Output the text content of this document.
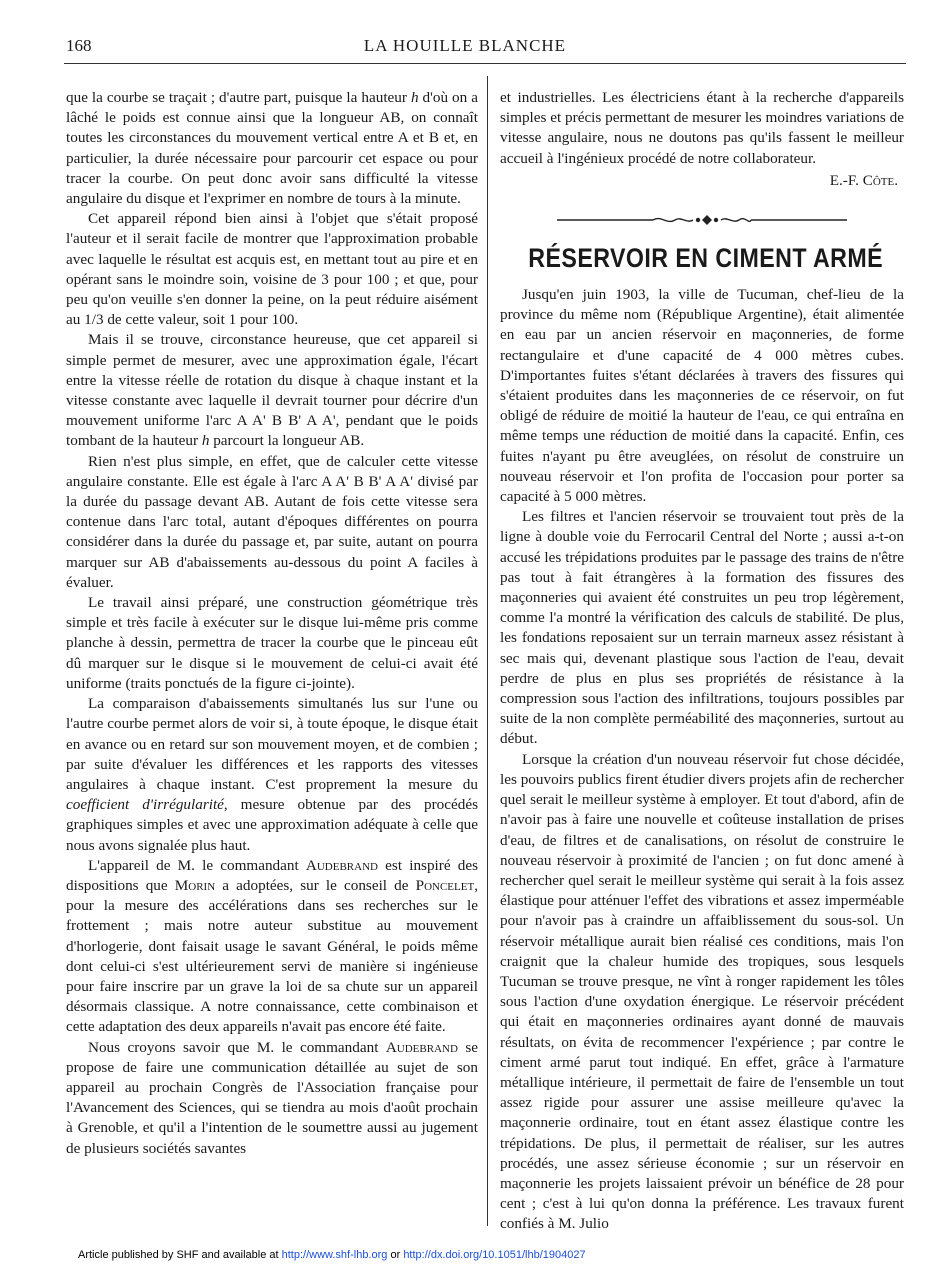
168	LA HOUILLE BLANCHE

que la courbe se traçait ; d'autre part, puisque la hauteur h d'où on a lâché le poids est connue ainsi que la longueur AB, on connaît toutes les circonstances du mouvement vertical entre A et B et, en particulier, la durée nécessaire pour parcourir cet espace ou pour tracer la courbe. On peut donc avoir sans difficulté la vitesse angulaire du disque et l'exprimer en nombre de tours à la minute.

Cet appareil répond bien ainsi à l'objet que s'était proposé l'auteur et il serait facile de montrer que l'approximation probable avec laquelle le résultat est acquis est, en mettant tout au pire et en opérant sans le moindre soin, voisine de 3 pour 100 ; et que, pour peu qu'on veuille s'en donner la peine, on la peut réduire aisément au 1/3 de cette valeur, soit 1 pour 100.

Mais il se trouve, circonstance heureuse, que cet appareil si simple permet de mesurer, avec une approximation égale, l'écart entre la vitesse réelle de rotation du disque à chaque instant et la vitesse constante avec laquelle il devrait tourner pour décrire d'un mouvement uniforme l'arc A A' B B' A A', pendant que le poids tombant de la hauteur h parcourt la longueur AB.

Rien n'est plus simple, en effet, que de calculer cette vitesse angulaire constante. Elle est égale à l'arc A A' B B' A A' divisé par la durée du passage devant AB. Autant de fois cette vitesse sera contenue dans l'arc total, autant d'époques différentes on pourra considérer dans la durée du passage et, par suite, autant on pourra marquer sur AB d'abaissements au-dessous du point A faciles à évaluer.

Le travail ainsi préparé, une construction géométrique très simple et très facile à exécuter sur le disque lui-même pris comme planche à dessin, permettra de tracer la courbe que le pinceau eût dû marquer sur le disque si le mouvement de celui-ci avait été uniforme (traits ponctués de la figure ci-jointe).

La comparaison d'abaissements simultanés lus sur l'une ou l'autre courbe permet alors de voir si, à toute époque, le disque était en avance ou en retard sur son mouvement moyen, et de combien ; par suite d'évaluer les différences et les rapports des vitesses angulaires à chaque instant. C'est proprement la mesure du coefficient d'irrégularité, mesure obtenue par des procédés graphiques simples et avec une approximation adéquate à celle que nous avons signalée plus haut.

L'appareil de M. le commandant Audebrand est inspiré des dispositions que Morin a adoptées, sur le conseil de Poncelet, pour la mesure des accélérations dans ses recherches sur le frottement ; mais notre auteur substitue au mouvement d'horlogerie, dont faisait usage le savant Général, le poids même dont celui-ci s'est ultérieurement servi de manière si ingénieuse pour faire inscrire par un grave la loi de sa chute sur un appareil désormais classique. A notre connaissance, cette combinaison et cette adaptation des deux appareils n'avait pas encore été faite.

Nous croyons savoir que M. le commandant Audebrand se propose de faire une communication détaillée au sujet de son appareil au prochain Congrès de l'Association française pour l'Avancement des Sciences, qui se tiendra au mois d'août prochain à Grenoble, et qu'il a l'intention de le soumettre aussi au jugement de plusieurs sociétés savantes

et industrielles. Les électriciens étant à la recherche d'appareils simples et précis permettant de mesurer les moindres variations de vitesse angulaire, nous ne doutons pas qu'ils fassent le meilleur accueil à l'ingénieux procédé de notre collaborateur.

E.-F. Côte.
RÉSERVOIR EN CIMENT ARMÉ

Jusqu'en juin 1903, la ville de Tucuman, chef-lieu de la province du même nom (République Argentine), était alimentée en eau par un ancien réservoir en maçonneries, de forme rectangulaire et d'une capacité de 4 000 mètres cubes. D'importantes fuites s'étant déclarées à travers des fissures qui s'étaient produites dans les maçonneries de ce réservoir, on fut obligé de réduire de moitié la hauteur de l'eau, ce qui entraîna en même temps une réduction de moitié dans la capacité. Enfin, ces fuites n'ayant pu être aveuglées, on résolut de construire un nouveau réservoir et l'on profita de l'occasion pour porter sa capacité à 5 000 mètres.

Les filtres et l'ancien réservoir se trouvaient tout près de la ligne à double voie du Ferrocaril Central del Norte ; aussi a-t-on accusé les trépidations produites par le passage des trains de n'être pas tout à fait étrangères à la formation des fissures des maçonneries qui avaient été construites un peu trop légèrement, comme l'a montré la vérification des calculs de stabilité. De plus, les fondations reposaient sur un terrain marneux assez résistant à sec mais qui, devenant plastique sous l'action de l'eau, devait perdre de plus en plus ses propriétés de résistance à la compression sous l'action des infiltrations, toujours possibles par suite de la non complète perméabilité des maçonneries, surtout au début.

Lorsque la création d'un nouveau réservoir fut chose décidée, les pouvoirs publics firent étudier divers projets afin de rechercher quel serait le meilleur système à employer. Et tout d'abord, afin de n'avoir pas à faire une nouvelle et coûteuse installation de prises d'eau, de filtres et de canalisations, on résolut de construire le nouveau réservoir à proximité de l'ancien ; on fut donc amené à rechercher quel serait le meilleur système qui serait à la fois assez élastique pour atténuer l'effet des vibrations et assez imperméable pour n'avoir pas à craindre un affaiblissement du sous-sol. Un réservoir métallique aurait bien réalisé ces conditions, mais l'on craignit que la chaleur humide des tropiques, sous lesquels Tucuman se trouve presque, ne vînt à ronger rapidement les tôles sous l'action d'une oxydation énergique. Le réservoir précédent qui était en maçonneries ordinaires ayant donné de mauvais résultats, on évita de recommencer l'expérience ; par contre le ciment armé parut tout indiqué. En effet, grâce à l'armature métallique intérieure, il permettait de faire de l'ensemble un tout assez rigide pour assurer une assise meilleure qu'avec la maçonnerie ordinaire, tout en étant assez élastique contre les trépidations. De plus, il permettait de réaliser, sur les autres procédés, une assez sérieuse économie ; sur un réservoir en maçonnerie les projets laissaient prévoir un bénéfice de 28 pour cent ; c'est à lui qu'on donna la préférence. Les travaux furent confiés à M. Julio

Article published by SHF and available at http://www.shf-lhb.org or http://dx.doi.org/10.1051/lhb/1904027
